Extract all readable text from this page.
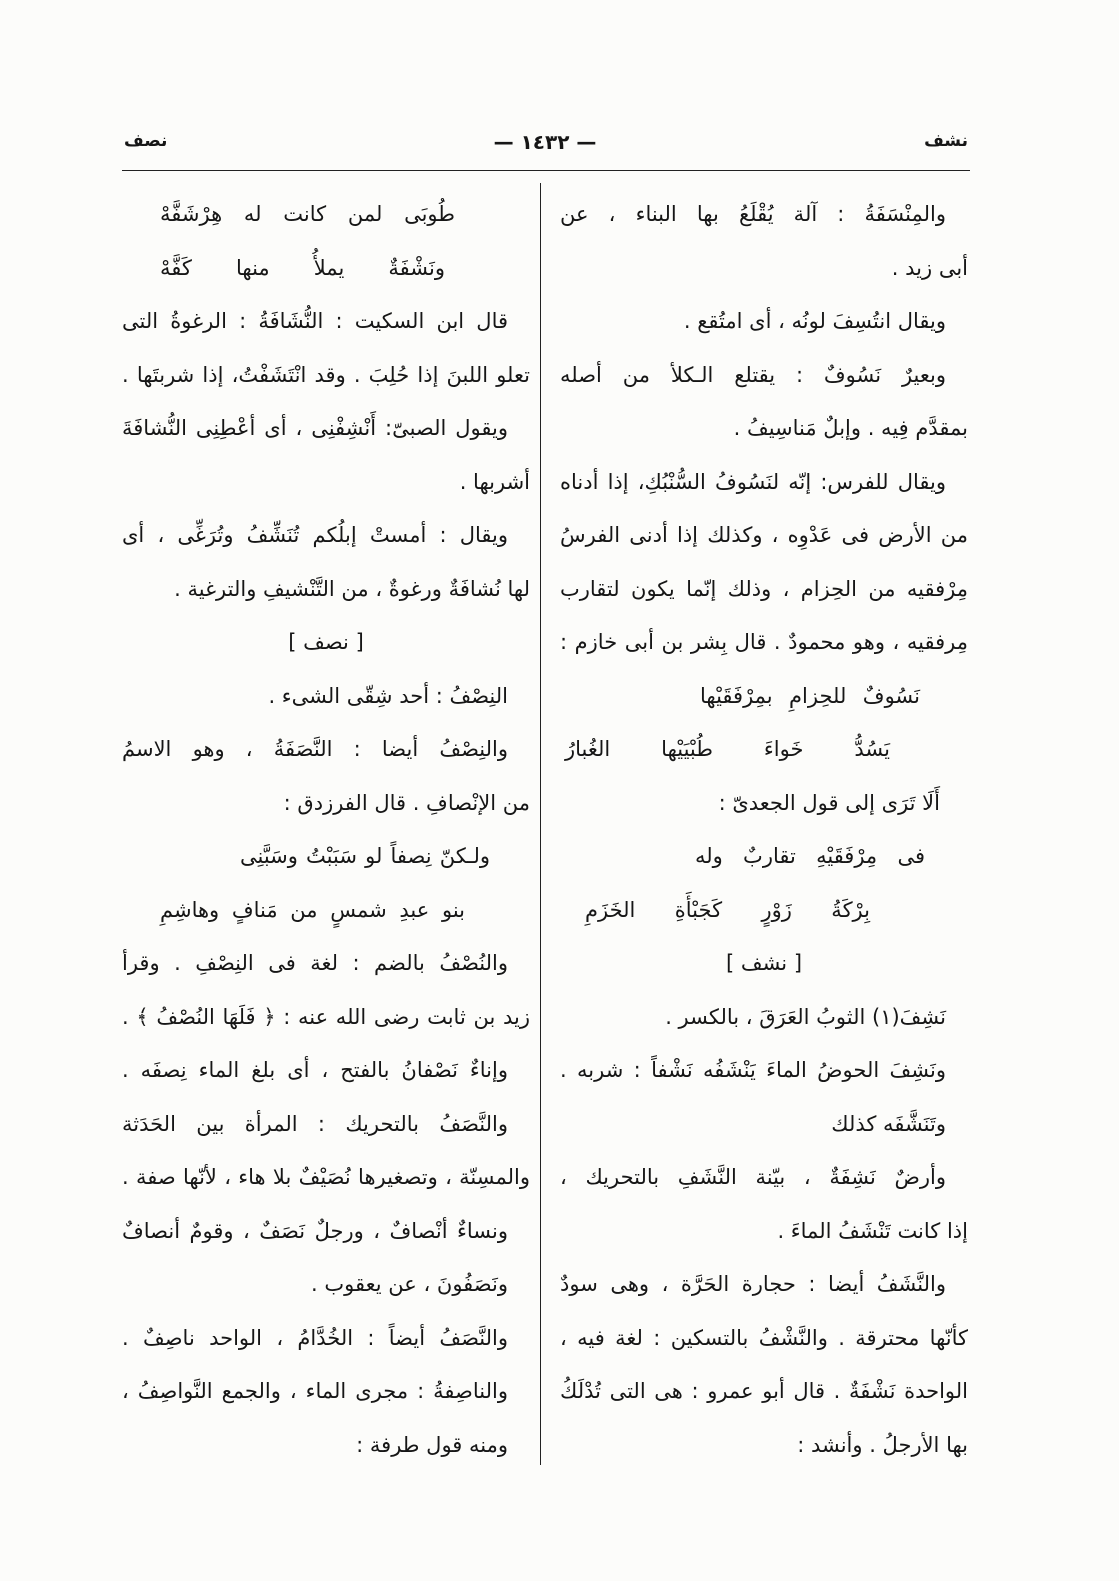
نشف
— ١٤٣٢ —
نصف
والمِنْسَفَةُ : آلة يُقْلَعُ بها البناء ، عن
أبى زيد .
ويقال انتُسِفَ لونُه ، أى امتُقع .
وبعيرٌ نَسُوفٌ : يقتلع الـكلأ من أصله
بمقدَّم فِيه . وإبلٌ مَناسِيفُ .
ويقال للفرس: إنّه لنَسُوفُ السُّنْبُكِ، إذا أدناه
من الأرض فى عَدْوِه ، وكذلك إذا أدنى الفرسُ
مِرْفقيه من الحِزام ، وذلك إنّما يكون لتقارب
مِرفقيه ، وهو محمودٌ . قال بِشر بن أبى خازم :
نَسُوفٌ للحِزامِ بمِرْفَقَيْها
يَسُدُّ خَواءَ طُبْيَيْها الغُبارُ
أَلَا تَرَى إلى قول الجعدىّ :
فى مِرْفَقَيْهِ تقاربٌ وله
بِرْكَةُ زَوْرٍ كَجَبْأَةِ الخَزَمِ
[ نشف ]
نَشِفَ(١) الثوبُ العَرَقَ ، بالكسر .
ونَشِفَ الحوضُ الماءَ يَنْشَفُه نَشْفاً : شربه .
وتَنَشَّفَه كذلك
وأرضٌ نَشِفَةٌ ، بيّنة النَّشَفِ بالتحريك ،
إذا كانت تَنْشَفُ الماءَ .
والنَّشَفُ أيضا : حجارة الحَرَّة ، وهى سودٌ
كأنّها محترقة . والنَّشْفُ بالتسكين : لغة فيه ،
الواحدة نَشْفَةٌ . قال أبو عمرو : هى التى تُدْلَكُ
بها الأرجلُ . وأنشد :
طُوبَى لمن كانت له هِرْشَفَّهْ
ونَشْفَةٌ يملأُ منها كَفَّهْ
قال ابن السكيت : النُّشَافَةُ : الرغوةُ التى
تعلو اللبنَ إذا حُلِبَ . وقد انْتَشَفْتُ، إذا شربتَها .
ويقول الصبىّ: أَنْشِفْنِى ، أى أعْطِنِى النُّشافَةَ
أشربها .
ويقال : أمستْ إبلُكم تُنَشِّفُ وتُرَغِّى ، أى
لها نُشافَةٌ ورغوةٌ ، من التَّنْشيفِ والترغية .
[ نصف ]
النِصْفُ : أحد شِقّى الشىء .
والنِصْفُ أيضا : النَّصَفَةُ ، وهو الاسمُ
من الإنْصافِ . قال الفرزدق :
ولـكنّ نِصفاً لو سَبَبْتُ وسَبَّنِى
بنو عبدِ شمسٍ من مَنافٍ وهاشِمِ
والنُصْفُ بالضم : لغة فى النِصْفِ . وقرأ
زيد بن ثابت رضى الله عنه : ﴿ فَلَهَا النُصْفُ ﴾ .
وإناءٌ نَصْفانُ بالفتح ، أى بلغ الماء نِصفَه .
والنَّصَفُ بالتحريك : المرأة بين الحَدَثة
والمسِنّة ، وتصغيرها نُصَيْفٌ بلا هاء ، لأنّها صفة .
ونساءٌ أنْصافٌ ، ورجلٌ نَصَفٌ ، وقومٌ أنصافٌ
ونَصَفُونَ ، عن يعقوب .
والنَّصَفُ أيضاً : الخُدَّامُ ، الواحد ناصِفٌ .
والناصِفةُ : مجرى الماء ، والجمع النَّواصِفُ ،
ومنه قول طرفة :
